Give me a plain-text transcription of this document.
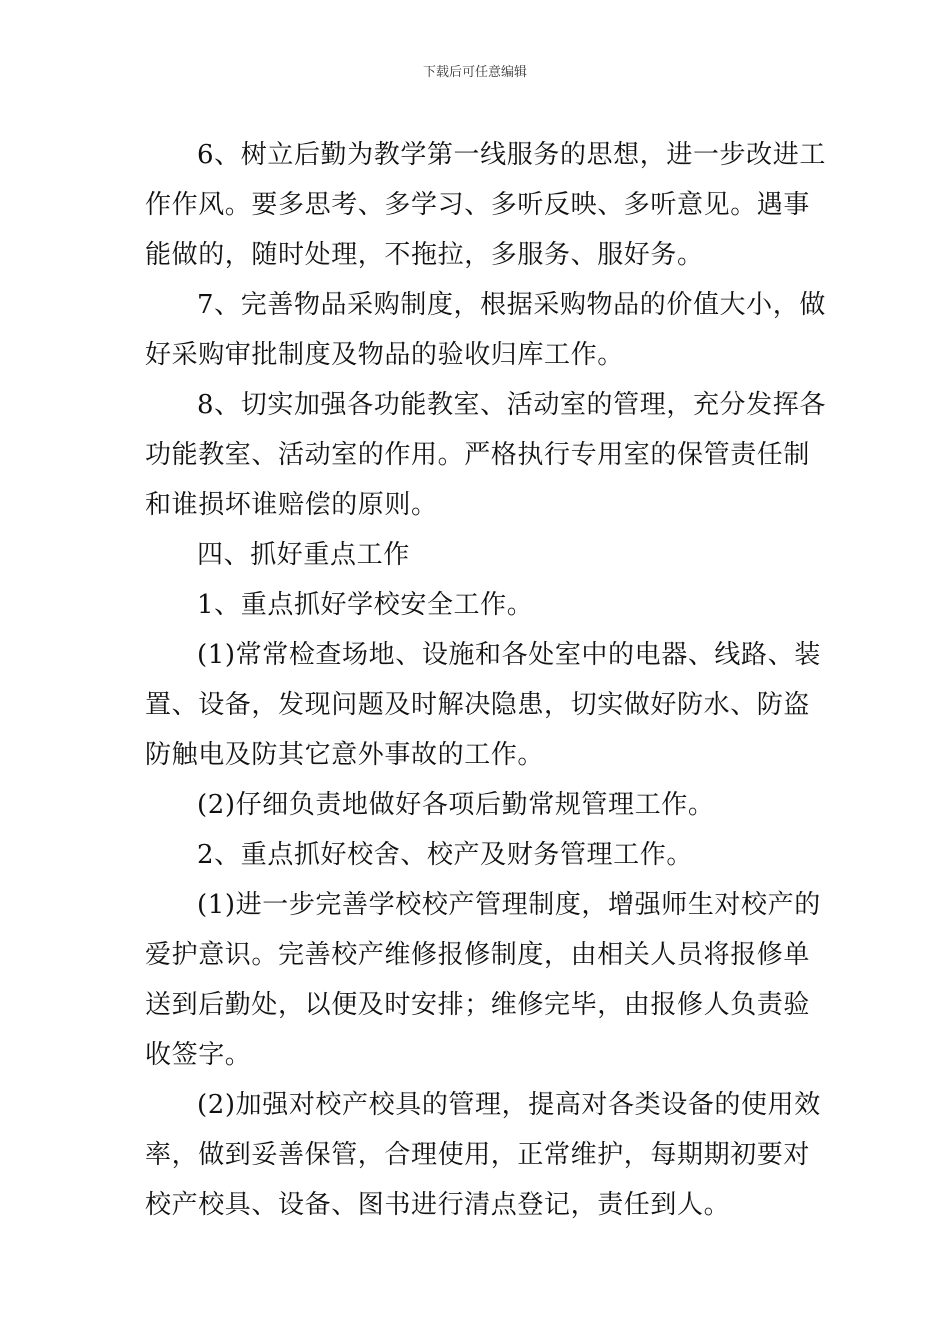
下载后可任意编辑

6、树立后勤为教学第一线服务的思想，进一步改进工
作作风。要多思考、多学习、多听反映、多听意见。遇事
能做的，随时处理，不拖拉，多服务、服好务。

7、完善物品采购制度，根据采购物品的价值大小，做
好采购审批制度及物品的验收归库工作。

8、切实加强各功能教室、活动室的管理，充分发挥各
功能教室、活动室的作用。严格执行专用室的保管责任制
和谁损坏谁赔偿的原则。

四、抓好重点工作

1、重点抓好学校安全工作。

(1)常常检查场地、设施和各处室中的电器、线路、装
置、设备，发现问题及时解决隐患，切实做好防水、防盗
防触电及防其它意外事故的工作。

(2)仔细负责地做好各项后勤常规管理工作。

2、重点抓好校舍、校产及财务管理工作。

(1)进一步完善学校校产管理制度，增强师生对校产的
爱护意识。完善校产维修报修制度，由相关人员将报修单
送到后勤处，以便及时安排；维修完毕，由报修人负责验
收签字。

(2)加强对校产校具的管理，提高对各类设备的使用效
率，做到妥善保管，合理使用，正常维护，每期期初要对
校产校具、设备、图书进行清点登记，责任到人。
